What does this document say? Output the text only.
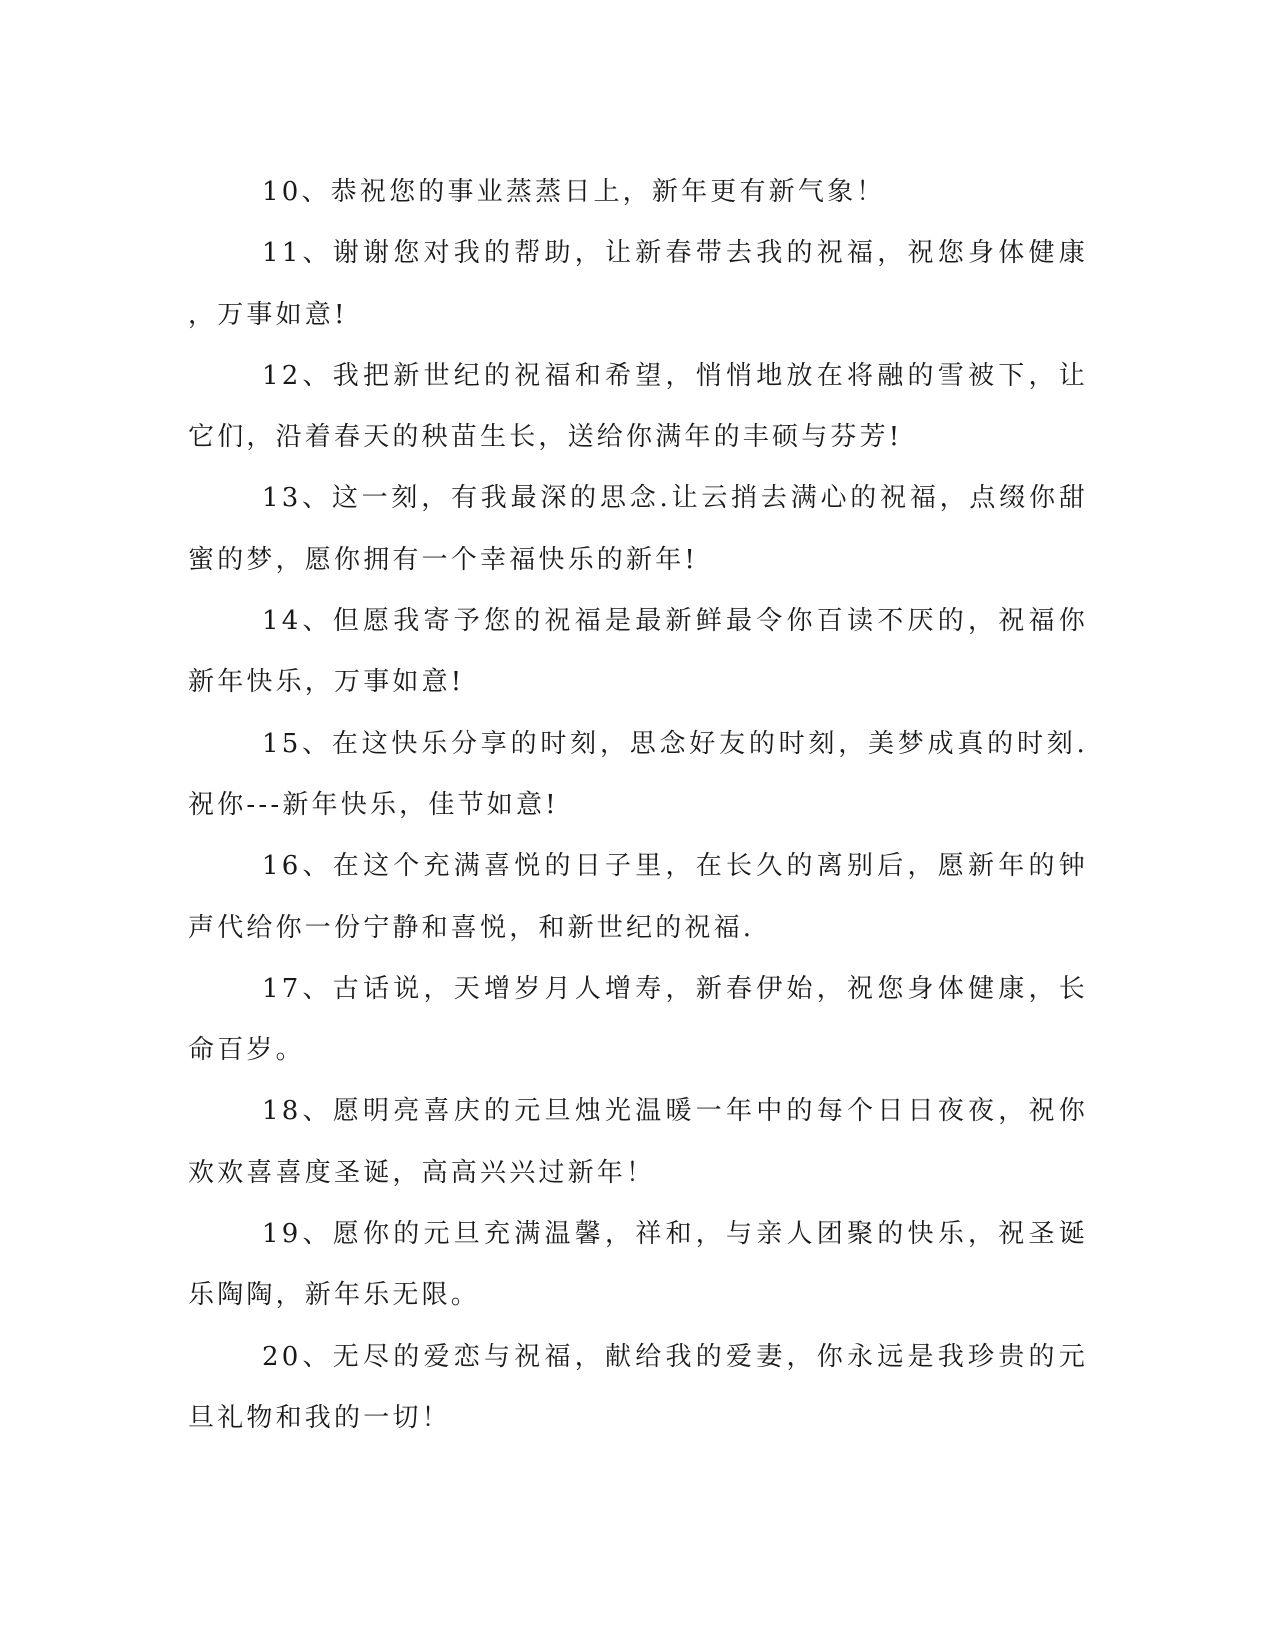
10、恭祝您的事业蒸蒸日上，新年更有新气象！

11、谢谢您对我的帮助，让新春带去我的祝福，祝您身体健康，万事如意!

12、我把新世纪的祝福和希望，悄悄地放在将融的雪被下，让它们，沿着春天的秧苗生长，送给你满年的丰硕与芬芳!

13、这一刻，有我最深的思念.让云捎去满心的祝福，点缀你甜蜜的梦，愿你拥有一个幸福快乐的新年!

14、但愿我寄予您的祝福是最新鲜最令你百读不厌的，祝福你新年快乐，万事如意!

15、在这快乐分享的时刻，思念好友的时刻，美梦成真的时刻.祝你---新年快乐，佳节如意!

16、在这个充满喜悦的日子里，在长久的离别后，愿新年的钟声代给你一份宁静和喜悦，和新世纪的祝福.

17、古话说，天增岁月人增寿，新春伊始，祝您身体健康，长命百岁。

18、愿明亮喜庆的元旦烛光温暖一年中的每个日日夜夜，祝你欢欢喜喜度圣诞，高高兴兴过新年！

19、愿你的元旦充满温馨，祥和，与亲人团聚的快乐，祝圣诞乐陶陶，新年乐无限。

20、无尽的爱恋与祝福，献给我的爱妻，你永远是我珍贵的元旦礼物和我的一切！
